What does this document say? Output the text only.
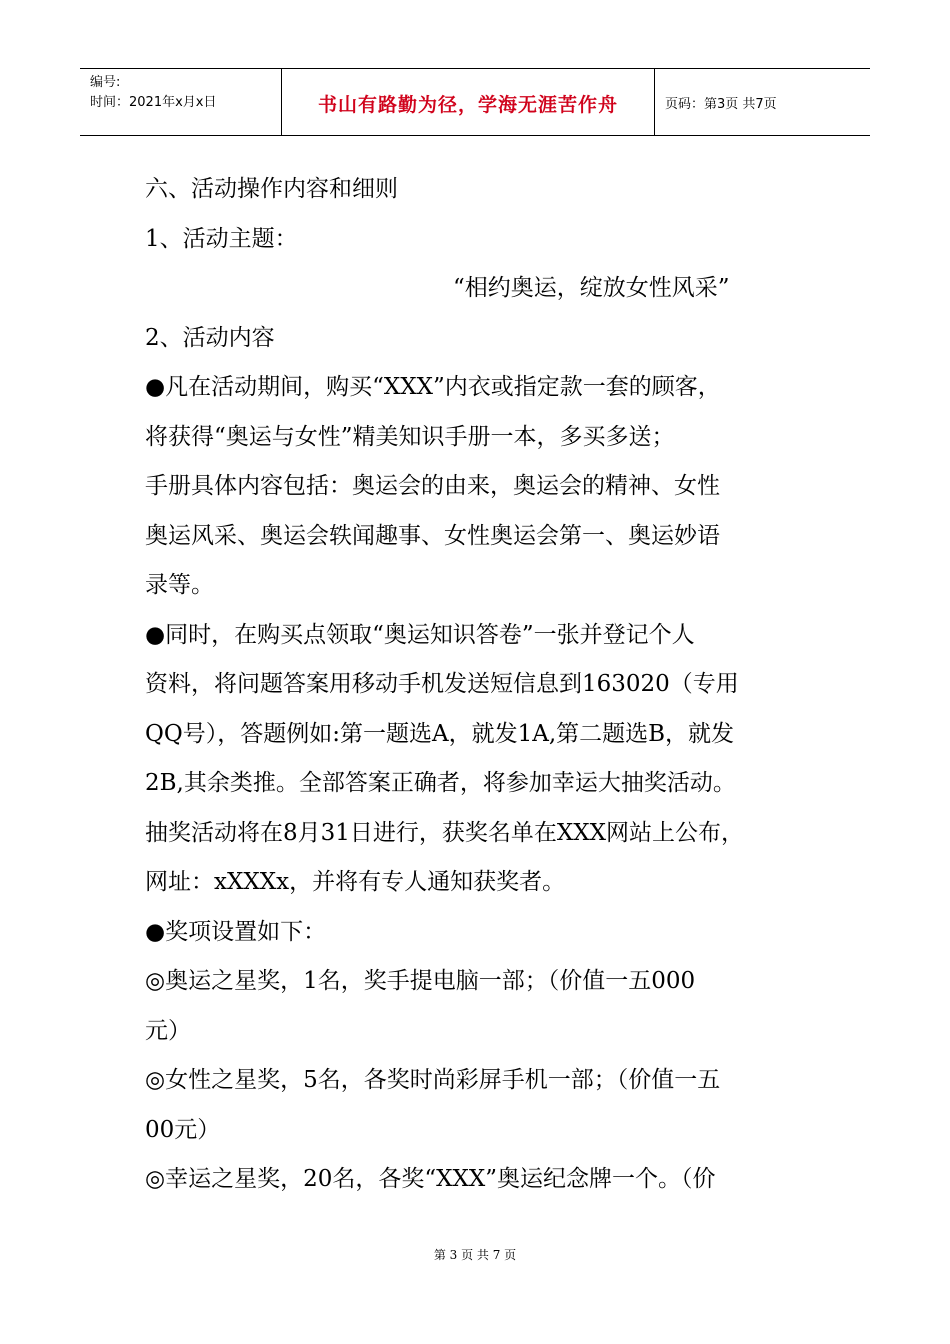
编号:
时间：2021年x月x日	书山有路勤为径，学海无涯苦作舟	页码：第3页 共7页

六、活动操作内容和细则

1、活动主题：

“相约奥运，绽放女性风采”

2、活动内容

●凡在活动期间，购买“XXX”内衣或指定款一套的顾客，

将获得“奥运与女性”精美知识手册一本，多买多送；

手册具体内容包括：奥运会的由来，奥运会的精神、女性

奥运风采、奥运会轶闻趣事、女性奥运会第一、奥运妙语

录等。

●同时，在购买点领取“奥运知识答卷”一张并登记个人

资料，将问题答案用移动手机发送短信息到163020（专用

QQ号），答题例如:第一题选A，就发1A,第二题选B，就发

2B,其余类推。全部答案正确者，将参加幸运大抽奖活动。

抽奖活动将在8月31日进行，获奖名单在XXX网站上公布，

网址：xXXXx，并将有专人通知获奖者。

●奖项设置如下：

◎奥运之星奖，1名，奖手提电脑一部；（价值一五000

元）

◎女性之星奖，5名，各奖时尚彩屏手机一部；（价值一五

00元）

◎幸运之星奖，20名，各奖“XXX”奥运纪念牌一个。（价

第 3 页 共 7 页
